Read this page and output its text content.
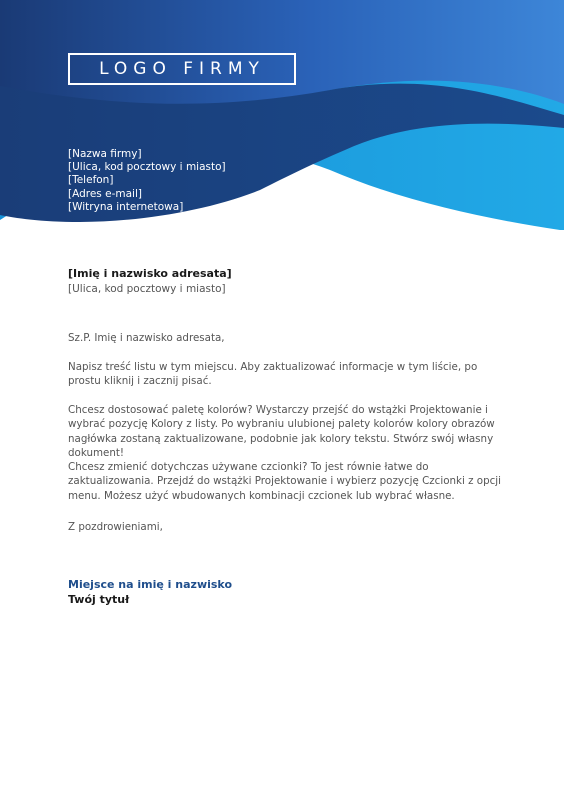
LOGO FIRMY
[Nazwa firmy]
[Ulica, kod pocztowy i miasto]
[Telefon]
[Adres e-mail]
[Witryna internetowa]
[Imię i nazwisko adresata]
[Ulica, kod pocztowy i miasto]
Sz.P. Imię i nazwisko adresata,
Napisz treść listu w tym miejscu. Aby zaktualizować informacje w tym liście, po prostu kliknij i zacznij pisać.
Chcesz dostosować paletę kolorów? Wystarczy przejść do wstążki Projektowanie i wybrać pozycję Kolory z listy. Po wybraniu ulubionej palety kolorów kolory obrazów nagłówka zostaną zaktualizowane, podobnie jak kolory tekstu. Stwórz swój własny dokument!
Chcesz zmienić dotychczas używane czcionki? To jest równie łatwe do zaktualizowania. Przejdź do wstążki Projektowanie i wybierz pozycję Czcionki z opcji menu. Możesz użyć wbudowanych kombinacji czcionek lub wybrać własne.
Z pozdrowieniami,
Miejsce na imię i nazwisko
Twój tytuł
